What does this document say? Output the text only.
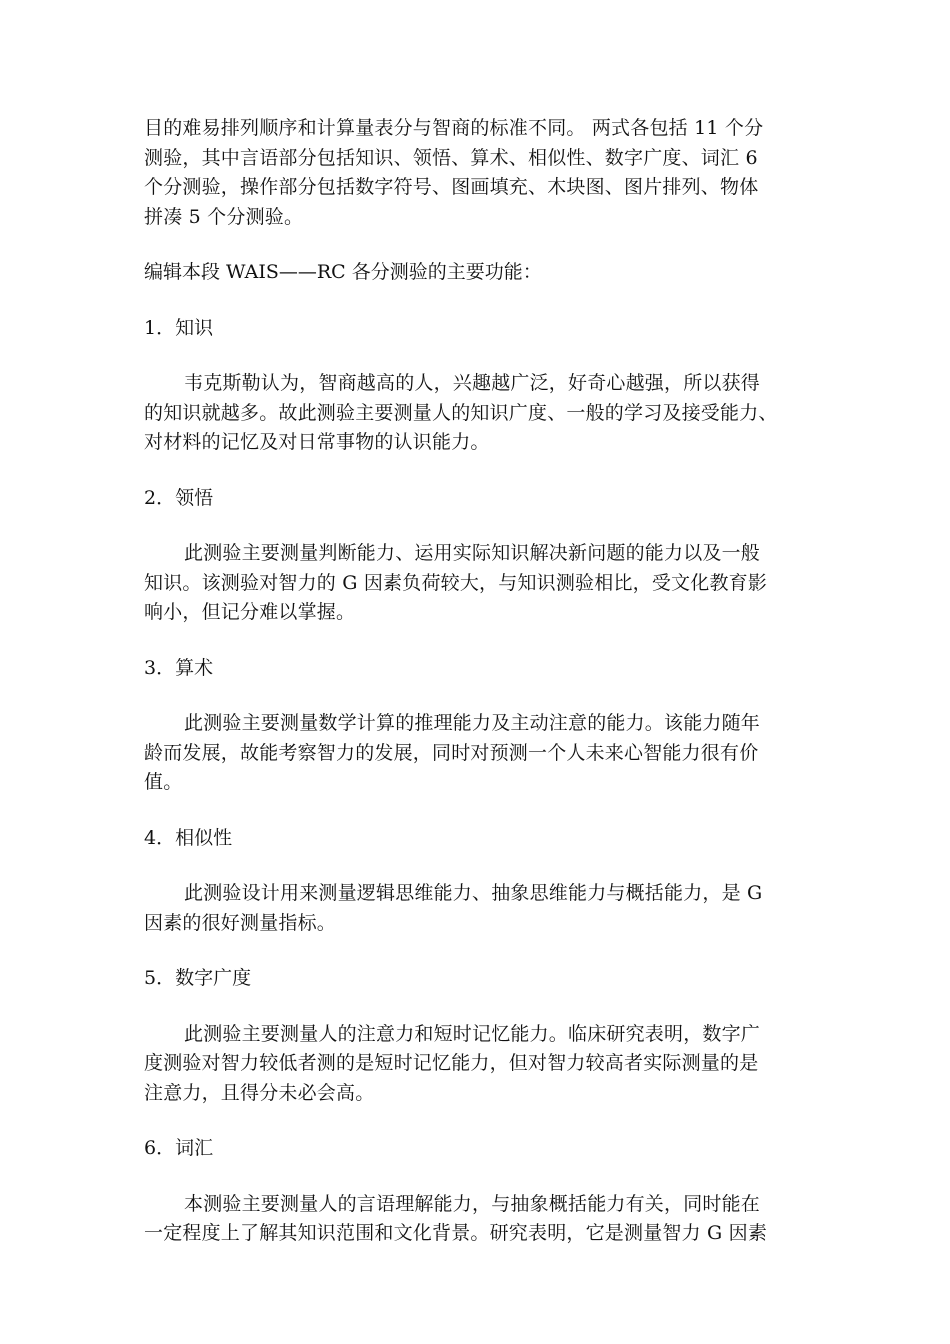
目的难易排列顺序和计算量表分与智商的标准不同。 两式各包括 11 个分
测验，其中言语部分包括知识、领悟、算术、相似性、数字广度、词汇 6
个分测验，操作部分包括数字符号、图画填充、木块图、图片排列、物体
拼凑 5 个分测验。
编辑本段 WAIS——RC 各分测验的主要功能：
1．知识
韦克斯勒认为，智商越高的人，兴趣越广泛，好奇心越强，所以获得
的知识就越多。故此测验主要测量人的知识广度、一般的学习及接受能力、
对材料的记忆及对日常事物的认识能力。
2．领悟
此测验主要测量判断能力、运用实际知识解决新问题的能力以及一般
知识。该测验对智力的 G 因素负荷较大，与知识测验相比，受文化教育影
响小，但记分难以掌握。
3．算术
此测验主要测量数学计算的推理能力及主动注意的能力。该能力随年
龄而发展，故能考察智力的发展，同时对预测一个人未来心智能力很有价
值。
4．相似性
此测验设计用来测量逻辑思维能力、抽象思维能力与概括能力，是 G
因素的很好测量指标。
5．数字广度
此测验主要测量人的注意力和短时记忆能力。临床研究表明，数字广
度测验对智力较低者测的是短时记忆能力，但对智力较高者实际测量的是
注意力，且得分未必会高。
6．词汇
本测验主要测量人的言语理解能力，与抽象概括能力有关，同时能在
一定程度上了解其知识范围和文化背景。研究表明，它是测量智力 G 因素
